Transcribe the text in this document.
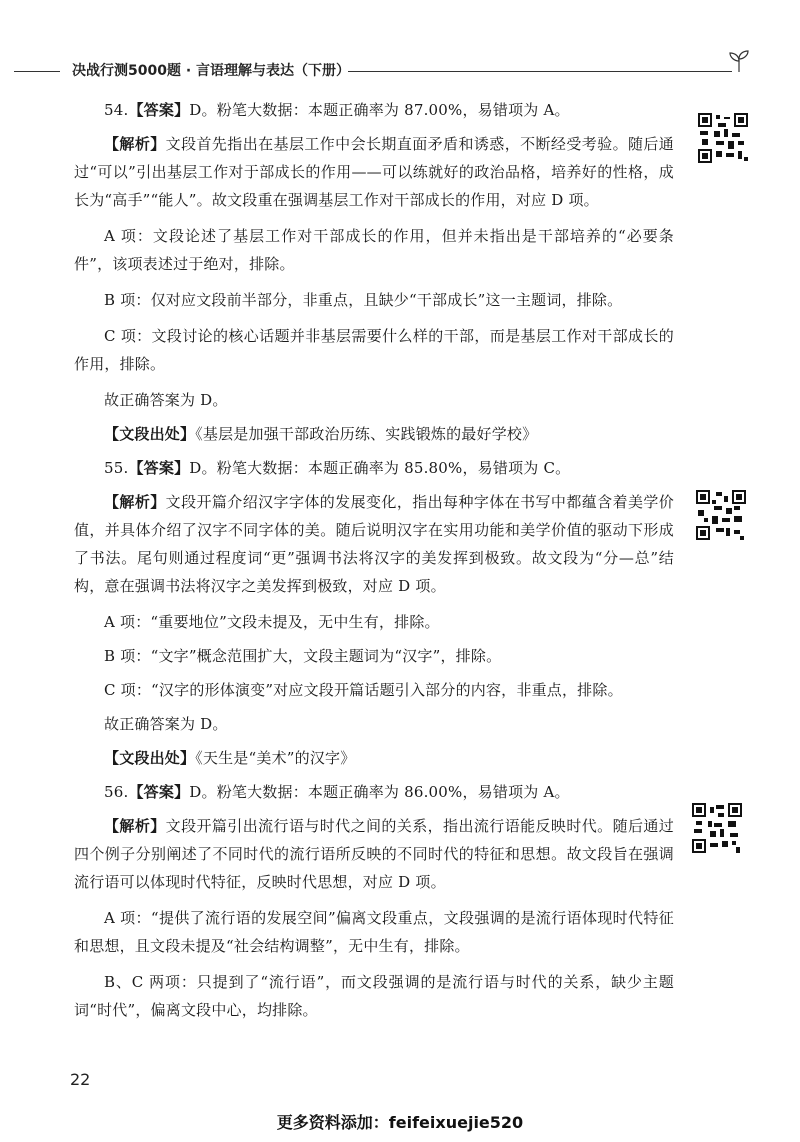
决战行测5000题 · 言语理解与表达（下册）

54.【答案】D。粉笔大数据：本题正确率为 87.00%，易错项为 A。

【解析】文段首先指出在基层工作中会长期直面矛盾和诱惑，不断经受考验。随后通过“可以”引出基层工作对于部成长的作用——可以练就好的政治品格，培养好的性格，成长为“高手”“能人”。故文段重在强调基层工作对干部成长的作用，对应 D 项。

A 项：文段论述了基层工作对干部成长的作用，但并未指出是干部培养的“必要条件”，该项表述过于绝对，排除。

B 项：仅对应文段前半部分，非重点，且缺少“干部成长”这一主题词，排除。

C 项：文段讨论的核心话题并非基层需要什么样的干部，而是基层工作对干部成长的作用，排除。

故正确答案为 D。

【文段出处】《基层是加强干部政治历练、实践锻炼的最好学校》

55.【答案】D。粉笔大数据：本题正确率为 85.80%，易错项为 C。

【解析】文段开篇介绍汉字字体的发展变化，指出每种字体在书写中都蕴含着美学价值，并具体介绍了汉字不同字体的美。随后说明汉字在实用功能和美学价值的驱动下形成了书法。尾句则通过程度词“更”强调书法将汉字的美发挥到极致。故文段为“分—总”结构，意在强调书法将汉字之美发挥到极致，对应 D 项。

A 项：“重要地位”文段未提及，无中生有，排除。

B 项：“文字”概念范围扩大，文段主题词为“汉字”，排除。

C 项：“汉字的形体演变”对应文段开篇话题引入部分的内容，非重点，排除。

故正确答案为 D。

【文段出处】《天生是“美术”的汉字》

56.【答案】D。粉笔大数据：本题正确率为 86.00%，易错项为 A。

【解析】文段开篇引出流行语与时代之间的关系，指出流行语能反映时代。随后通过四个例子分别阐述了不同时代的流行语所反映的不同时代的特征和思想。故文段旨在强调流行语可以体现时代特征，反映时代思想，对应 D 项。

A 项：“提供了流行语的发展空间”偏离文段重点，文段强调的是流行语体现时代特征和思想，且文段未提及“社会结构调整”，无中生有，排除。

B、C 两项：只提到了“流行语”，而文段强调的是流行语与时代的关系，缺少主题词“时代”，偏离文段中心，均排除。

22
更多资料添加：feifeixuejie520
